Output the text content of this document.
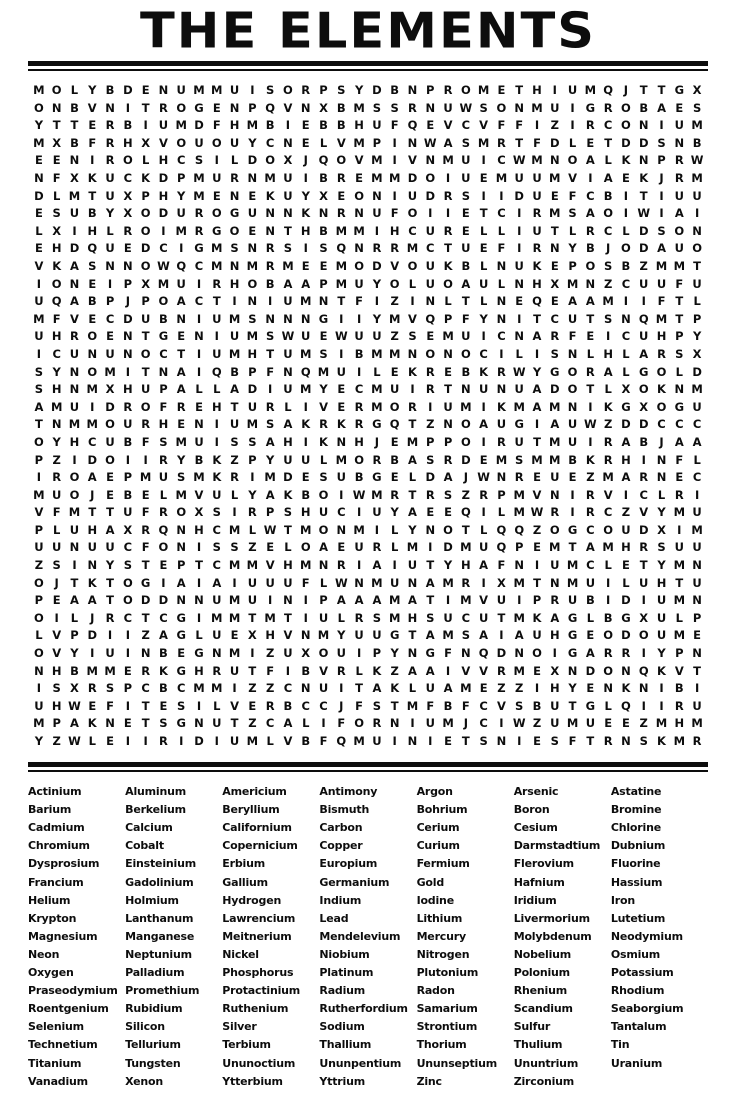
THE ELEMENTS
M O L Y B D E N U M M U I	S O R P S Y D B N P R O M E T H I U M Q J	T T G X
O N B V N I	T R O G E N P Q V N X B M S S R N U W S O N M U I G R O B A E S
Y T T E R B I U M D F H M B I	E B B H U F Q E V C V F F	I Z I R C O N I U M
M X B F R H X V O U O U Y C N E L V M P I N W A S M R T F D L E T D D S N B
E E N I R O L H C S	I	L D O X J Q O V M I V N M U I C W M N O A L K N P R W
N F X K U C K D P M U R N M U I B R E M M D O I U E M U U M V I A E K J R M
D L M T U X P H Y M E N E K U Y X E O N I U D R S	I	I D U E F C B I	T	I U U
E S U B Y X O D U R O G U N N K N R N U F O I	I	E T C I R M S A O I W I A I
L X I H L R O I M R G O E N T H B M M I H C U R E L L	I U T L R C L D S O N
E H D Q U E D C I G M S N R S	I	S Q N R R M C T U E F	I R N Y B J O D A U O
V K A S N N O W Q C M N M R M E E M O D V O U K B L N U K E P O S B Z M M T
I O N E	I P X M U I R H O B A A P M U Y O L U O A U L N H X M N Z C U U F U
U Q A B P J P O A C T	I N I U M N T F	I Z I N L T L N E Q E A A M I	I	F T L
M F V E C D U B N I U M S N N N G I	I Y M V Q P F Y N I	T C U T S N Q M T P
U H R O E N T G E N I U M S W U E W U U Z S E M U I C N A R F E	I C U H P Y
I C U N U N O C T	I U M H T U M S	I B M M N O N O C I	L	I	S N L H L A R S X
S Y N O M I	T N A I Q B P F N Q M U I	L E K R E B K R W Y G O R A L G O L D
S H N M X H U P A L L A D I U M Y E C M U I R T N U N U A D O T L X O K N M
A M U I D R O F R E H T U R L	I V E R M O R I U M I K M A M N I K G X O G U
T N M M O U R H E N I U M S A K R K R G Q T Z N O A U G I A U W Z D D C C C
O Y H C U B F S M U I	S S A H I K N H J	E M P P O I R U T M U I R A B J A A
P Z I D O I	I R Y B K Z P Y U U L M O R B A S R D E M S M M B K R H I N F L
I R O A E P M U S M K R I M D E S U B G E L D A J W N R E U E Z M A R N E C
M U O J	E B E L M V U L Y A K B O I W M R T R S Z R P M V N I R V I C L R I
V F M T T U F R O X S	I R P S H U C I U Y A E E Q I	L M W R I R C Z V Y M U
P L U H A X R Q N H C M L W T M O N M I	L Y N O T L Q Q Z O G C O U D X I M
U U N U U C F O N I	S S Z E L O A E U R L M I D M U Q P E M T A M H R S U U
Z S	I N Y S T E P T C M M V H M N R I A I U T Y H A F N I U M C L E T Y M N
O J	T K T O G I A I A I U U U F L W N M U N A M R I X M T N M U I	L U H T U
P E A A T O D D N N U M U I N I P A A A M A T	I M V U I P R U B I D I U M N
O I	L	J R C T C G I M M T M T	I U L R S M H S U C U T M K A G L B G X U L P
L V P D I	I Z A G L U E X H V N M Y U U G T A M S A I A U H G E O D O U M E
O V Y I U I N B E G N M I Z U X O U I P Y N G F N Q D N O I G A R R I Y P N
N H B M M E R K G H R U T F	I B V R L K Z A A I V V R M E X N D O N Q K V T
I	S X R S P C B C M M I Z Z C N U I	T A K L U A M E Z Z I H Y E N K N I B I
U H W E F	I	T E S	I	L V E R B C C J	F S T M F B F C V S B U T G L Q I	I R U
M P A K N E T S G N U T Z C A L	I	F O R N I U M J C I W Z U M U E E Z M H M
Y Z W L E	I	I R I D I U M L V B F Q M U I N I	E T S N I	E S F T R N S K M R
Actinium	Aluminum	Americium	Antimony	Argon	Arsenic	Astatine
Barium	Berkelium	Beryllium	Bismuth	Bohrium	Boron	Bromine
Cadmium	Calcium	Californium	Carbon	Cerium	Cesium	Chlorine
Chromium	Cobalt	Copernicium	Copper	Curium	Darmstadtium Dubnium
Dysprosium	Einsteinium	Erbium	Europium	Fermium	Flerovium	Fluorine
Francium	Gadolinium	Gallium	Germanium	Gold	Hafnium	Hassium
Helium	Holmium	Hydrogen	Indium	Iodine	Iridium	Iron
Krypton	Lanthanum	Lawrencium	Lead	Lithium	Livermorium	Lutetium
Magnesium	Manganese	Meitnerium	Mendelevium	Mercury	Molybdenum	Neodymium
Neon	Neptunium	Nickel	Niobium	Nitrogen	Nobelium	Osmium
Oxygen	Palladium	Phosphorus	Platinum	Plutonium	Polonium	Potassium
Praseodymium Promethium	Protactinium	Radium	Radon	Rhenium	Rhodium
Roentgenium	Rubidium	Ruthenium	Rutherfordium Samarium	Scandium	Seaborgium
Selenium	Silicon	Silver	Sodium	Strontium	Sulfur	Tantalum
Technetium	Tellurium	Terbium	Thallium	Thorium	Thulium	Tin
Titanium	Tungsten	Ununoctium	Ununpentium	Ununseptium	Ununtrium	Uranium
Vanadium	Xenon	Ytterbium	Yttrium	Zinc	Zirconium
